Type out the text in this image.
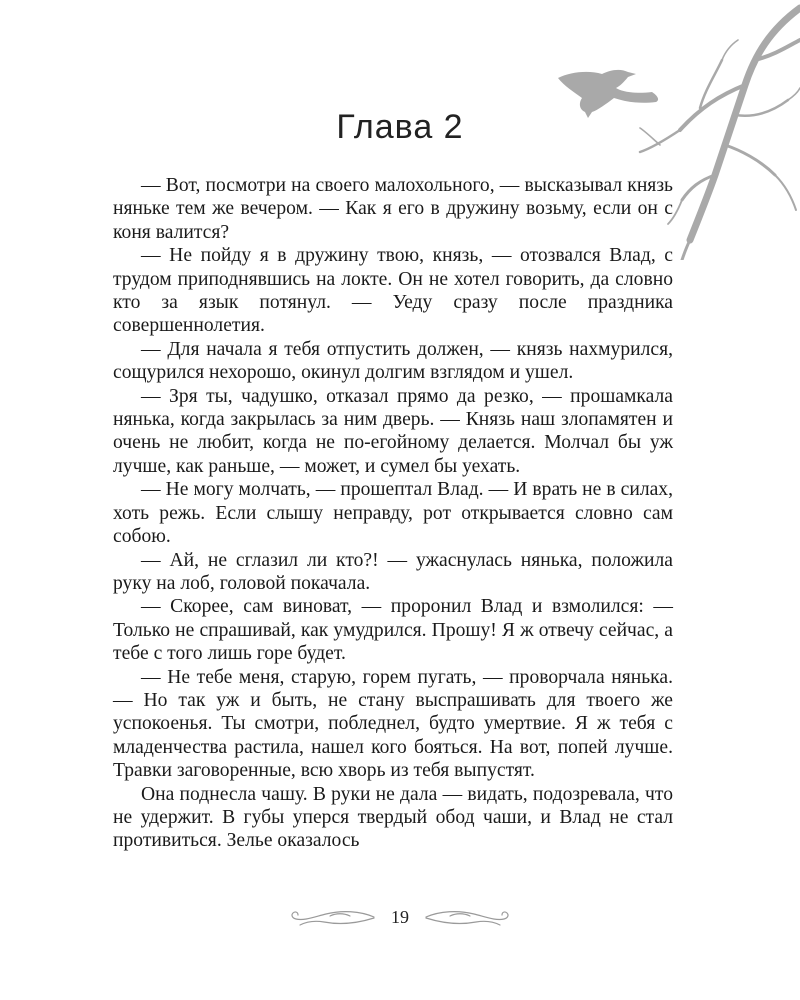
Глава 2

— Вот, посмотри на своего малохольного, — высказывал князь няньке тем же вечером. — Как я его в дружину возьму, если он с коня валится?

— Не пойду я в дружину твою, князь, — отозвался Влад, с трудом приподнявшись на локте. Он не хотел говорить, да словно кто за язык потянул. — Уеду сразу после праздника совершеннолетия.

— Для начала я тебя отпустить должен, — князь нахмурился, сощурился нехорошо, окинул долгим взглядом и ушел.

— Зря ты, чадушко, отказал прямо да резко, — прошамкала нянька, когда закрылась за ним дверь. — Князь наш злопамятен и очень не любит, когда не по-егойному делается. Молчал бы уж лучше, как раньше, — может, и сумел бы уехать.

— Не могу молчать, — прошептал Влад. — И врать не в силах, хоть режь. Если слышу неправду, рот открывается словно сам собою.

— Ай, не сглазил ли кто?! — ужаснулась нянька, положила руку на лоб, головой покачала.

— Скорее, сам виноват, — проронил Влад и взмолился: — Только не спрашивай, как умудрился. Прошу! Я ж отвечу сейчас, а тебе с того лишь горе будет.

— Не тебе меня, старую, горем пугать, — проворчала нянька. — Но так уж и быть, не стану выспрашивать для твоего же успокоенья. Ты смотри, побледнел, будто умертвие. Я ж тебя с младенчества растила, нашел кого бояться. На вот, попей лучше. Травки заговоренные, всю хворь из тебя выпустят.

Она поднесла чашу. В руки не дала — видать, подозревала, что не удержит. В губы уперся твердый обод чаши, и Влад не стал противиться. Зелье оказалось

19
